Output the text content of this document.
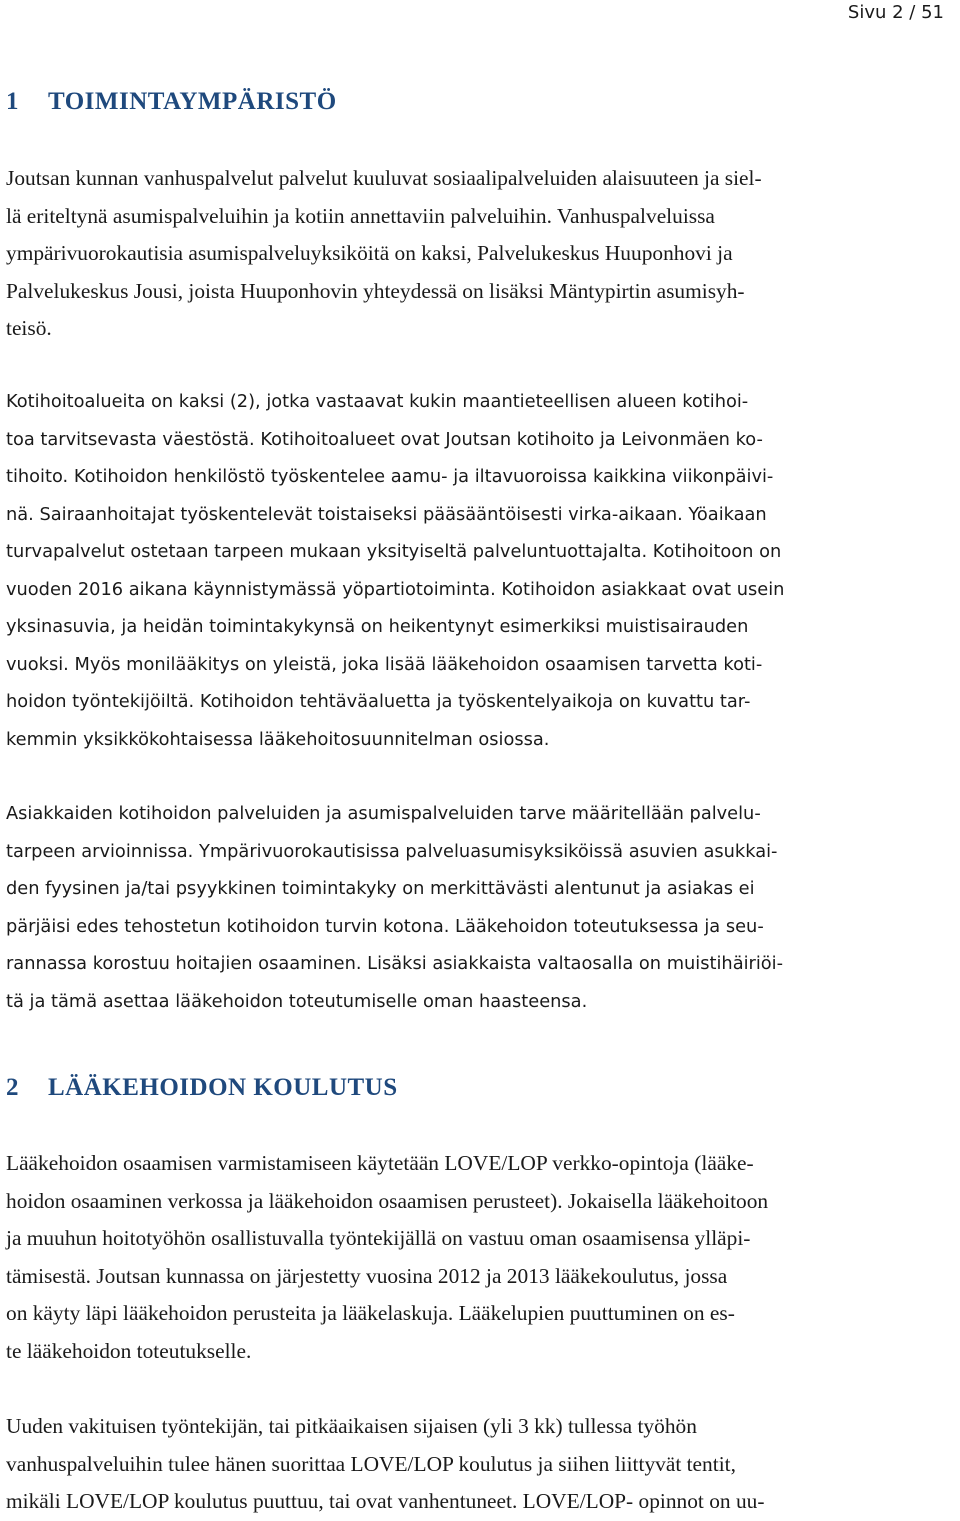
Sivu 2 / 51
1 TOIMINTAYMPÄRISTÖ
Joutsan kunnan vanhuspalvelut palvelut kuuluvat sosiaalipalveluiden alaisuuteen ja siel-
lä eriteltynä asumispalveluihin ja kotiin annettaviin palveluihin. Vanhuspalveluissa
ympärivuorokautisia asumispalveluyksiköitä on kaksi, Palvelukeskus Huuponhovi ja
Palvelukeskus Jousi, joista Huuponhovin yhteydessä on lisäksi Mäntypirtin asumisyh-
teisö.
Kotihoitoalueita on kaksi (2), jotka vastaavat kukin maantieteellisen alueen kotihoi-
toa tarvitsevasta väestöstä. Kotihoitoalueet ovat Joutsan kotihoito ja Leivonmäen ko-
tihoito. Kotihoidon henkilöstö työskentelee aamu- ja iltavuoroissa kaikkina viikonpäivi-
nä. Sairaanhoitajat työskentelevät toistaiseksi pääsääntöisesti virka-aikaan. Yöaikaan
turvapalvelut ostetaan tarpeen mukaan yksityiseltä palveluntuottajalta. Kotihoitoon on
vuoden 2016 aikana käynnistymässä yöpartiotoiminta. Kotihoidon asiakkaat ovat usein
yksinasuvia, ja heidän toimintakykynsä on heikentynyt esimerkiksi muistisairauden
vuoksi. Myös monilääkitys on yleistä, joka lisää lääkehoidon osaamisen tarvetta koti-
hoidon työntekijöiltä. Kotihoidon tehtäväaluetta ja työskentelyaikoja on kuvattu tar-
kemmin yksikkökohtaisessa lääkehoitosuunnitelman osiossa.
Asiakkaiden kotihoidon palveluiden ja asumispalveluiden tarve määritellään palvelu-
tarpeen arvioinnissa. Ympärivuorokautisissa palveluasumisyksiköissä asuvien asukkai-
den fyysinen ja/tai psyykkinen toimintakyky on merkittävästi alentunut ja asiakas ei
pärjäisi edes tehostetun kotihoidon turvin kotona. Lääkehoidon toteutuksessa ja seu-
rannassa korostuu hoitajien osaaminen. Lisäksi asiakkaista valtaosalla on muistihäiriöi-
tä ja tämä asettaa lääkehoidon toteutumiselle oman haasteensa.
2 LÄÄKEHOIDON KOULUTUS
Lääkehoidon osaamisen varmistamiseen käytetään LOVE/LOP verkko-opintoja (lääke-
hoidon osaaminen verkossa ja lääkehoidon osaamisen perusteet). Jokaisella lääkehoitoon
ja muuhun hoitotyöhön osallistuvalla työntekijällä on vastuu oman osaamisensa ylläpi-
tämisestä. Joutsan kunnassa on järjestetty vuosina 2012 ja 2013 lääkekoulutus, jossa
on käyty läpi lääkehoidon perusteita ja lääkelaskuja. Lääkelupien puuttuminen on es-
te lääkehoidon toteutukselle.
Uuden vakituisen työntekijän, tai pitkäaikaisen sijaisen (yli 3 kk) tullessa työhön
vanhuspalveluihin tulee hänen suorittaa LOVE/LOP koulutus ja siihen liittyvät tentit,
mikäli LOVE/LOP koulutus puuttuu, tai ovat vanhentuneet. LOVE/LOP- opinnot on uu-
